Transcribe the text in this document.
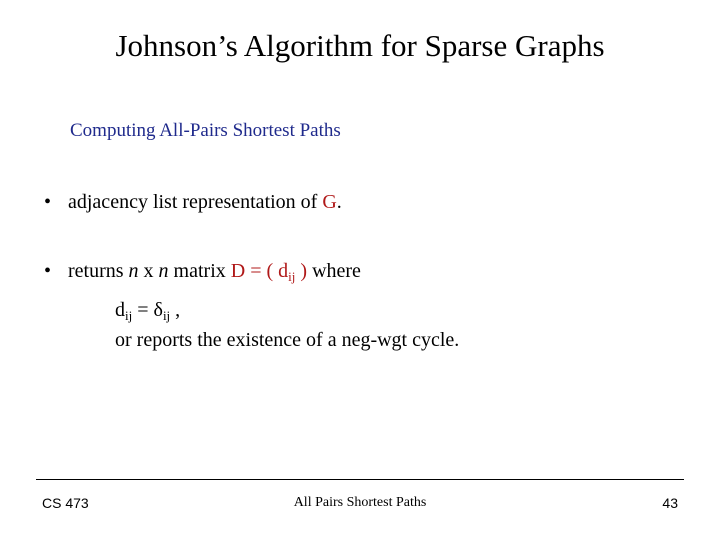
Johnson’s Algorithm for Sparse Graphs
Computing All-Pairs Shortest Paths
• adjacency list representation of G.
• returns n x n matrix D = ( $d_{ij}$ ) where
$d_{ij} = \delta_{ij}$ ,
or reports the existence of a neg-wgt cycle.
CS 473	All Pairs Shortest Paths	43
